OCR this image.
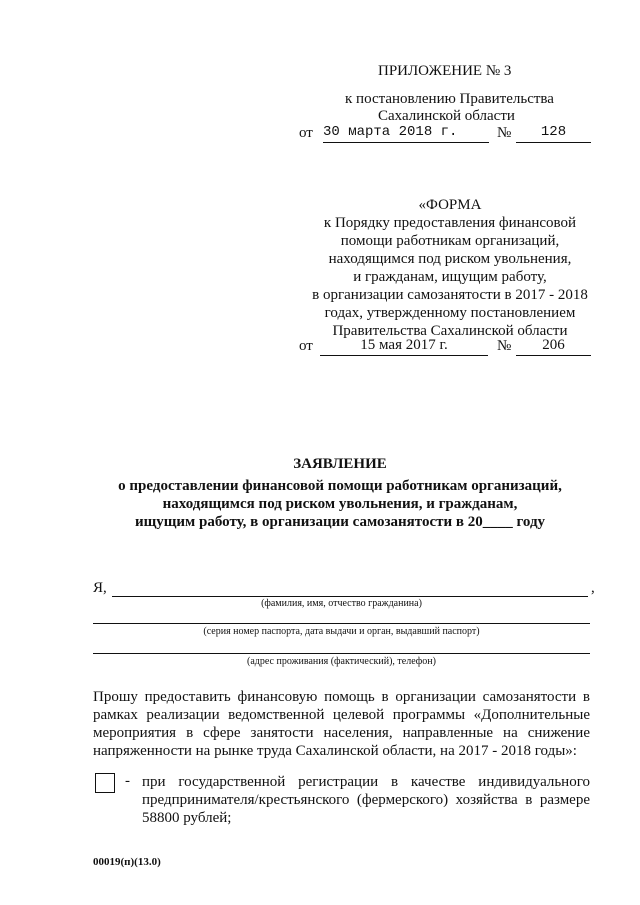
ПРИЛОЖЕНИЕ № 3
к постановлению Правительства
Сахалинской области
от 30 марта 2018 г.	№	128
«ФОРМА
к Порядку предоставления финансовой
помощи работникам организаций,
находящимся под риском увольнения,
и гражданам, ищущим работу,
в организации самозанятости в 2017 - 2018
годах, утвержденному постановлением
Правительства Сахалинской области
от	15 мая 2017 г.	№	206
ЗАЯВЛЕНИЕ
о предоставлении финансовой помощи работникам организаций,
находящимся под риском увольнения, и гражданам,
ищущим работу, в организации самозанятости в 20____ году
Я,	,
(фамилия, имя, отчество гражданина)
(серия номер паспорта, дата выдачи и орган, выдавший паспорт)
(адрес проживания (фактический), телефон)
Прошу предоставить финансовую помощь в организации самозанятости в
рамках реализации ведомственной целевой программы «Дополнительные
мероприятия в сфере занятости населения, направленные на снижение
напряженности на рынке труда Сахалинской области, на 2017 - 2018 годы»:
- при государственной регистрации в качестве индивидуального
предпринимателя/крестьянского (фермерского) хозяйства в размере
58800 рублей;
00019(п)(13.0)
